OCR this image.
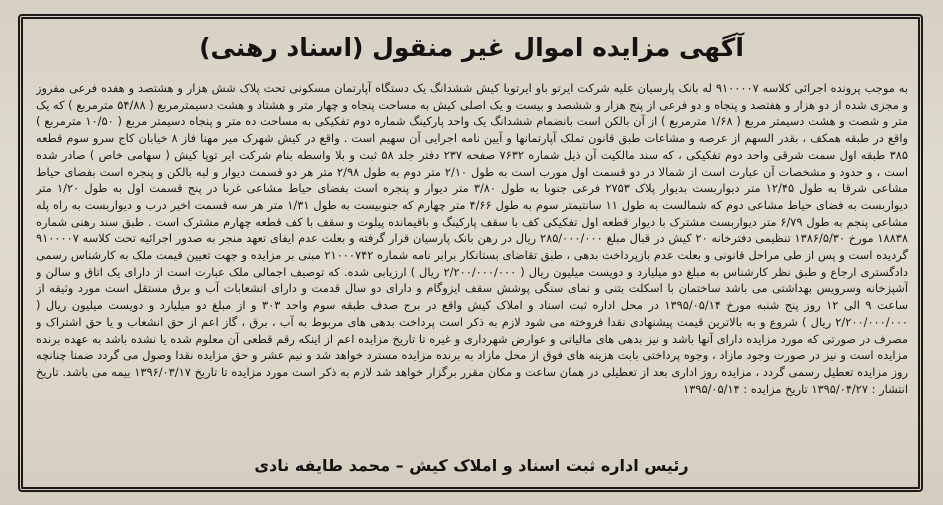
آگهی مزایده اموال غیر منقول (اسناد رهنی)

به موجب پرونده اجرائی کلاسه ۹۱۰۰۰۰۷ له بانک پارسیان علیه شرکت ایرتو باو ایرتویا کیش ششدانگ یک دستگاه آپارتمان مسکونی تحت پلاک شش هزار و هشتصد و هفده فرعی مفروز و مجزی شده از دو هزار و هفتصد و پنجاه و دو فرعی از پنج هزار و ششصد و بیست و یک اصلی کیش به مساحت پنجاه و چهار متر و هشتاد و هشت دسیمترمربع ( ۵۴/۸۸ مترمربع ) که یک متر و شصت و هشت دسیمتر مربع ( ۱/۶۸ مترمربع ) از آن بالکن است بانضمام ششدانگ یک واحد پارکینگ شماره دوم تفکیکی به مساحت ده متر و پنجاه دسیمتر مربع ( ۱۰/۵۰ مترمربع ) واقع در طبقه همکف ، بقدر السهم از عرصه و مشاعات طبق قانون تملک آپارتمانها و آیین نامه اجرایی آن سهیم است . واقع در کیش شهرک میر مهنا فاز ۸ خیابان کاج سرو سوم قطعه ۳۸۵ طبقه اول سمت شرقی واحد دوم تفکیکی ، که سند مالکیت آن ذیل شماره ۷۶۳۲ صفحه ۲۳۷ دفتر جلد ۵۸ ثبت و بلا واسطه بنام شرکت ایر توپا کیش ( سهامی خاص ) صادر شده است ، و حدود و مشخصات آن عبارت است از شمالا در دو قسمت اول مورب است به طول ۲/۱۰ متر دوم به طول ۲/۹۸ متر هر دو قسمت دیوار و لبه بالکن و پنجره است بفضای حیاط مشاعی شرقا به طول ۱۲/۴۵ متر دیواربست بدیوار پلاک ۲۷۵۳ فرعی جنوبا به طول ۳/۸۰ متر دیوار و پنجره است بفضای حیاط مشاعی غربا در پنج قسمت اول به طول ۱/۲۰ متر دیواربست به فضای حیاط مشاعی دوم که شمالست به طول ۱۱ سانتیمتر سوم به طول ۴/۶۶ متر چهارم که جنوبیست به طول ۱/۳۱ متر هر سه قسمت اخیر درب و دیواربست به راه پله مشاعی پنجم به طول ۶/۷۹ متر دیواربست مشترک با دیوار قطعه اول تفکیکی کف با سقف پارکینگ و باقیمانده پیلوت و سقف با کف قطعه چهارم مشترک است . طبق سند رهنی شماره ۱۸۸۳۸ مورخ ۱۳۸۶/۵/۳۰ تنظیمی دفترخانه ۲۰ کیش در قبال مبلغ ۲۸۵/۰۰۰/۰۰۰ ریال در رهن بانک پارسیان قرار گرفته و بعلت عدم ایفای تعهد منجر به صدور اجرائیه تحت کلاسه ۹۱۰۰۰۰۷ گردیده است و پس از طی مراحل قانونی و بعلت عدم بازپرداخت بدهی ، طبق تقاضای بستانکار برابر نامه شماره ۲۱۰۰۰۷۴۲ مبنی بر مزایده و جهت تعیین قیمت ملک به کارشناس رسمی دادگستری ارجاع و طبق نظر کارشناس به مبلغ دو میلیارد و دویست میلیون ریال ( ۲/۲۰۰/۰۰۰/۰۰۰ ریال ) ارزیابی شده. که توصیف اجمالی ملک عبارت است از دارای یک اتاق و سالن و آشپزخانه وسرویس بهداشتی می باشد ساختمان با اسکلت بتنی و نمای سنگی پوشش سقف ایزوگام و دارای دو سال قدمت و دارای انشعابات آب و برق مستقل است مورد وثیقه از ساعت ۹ الی ۱۲ روز پنج شنبه مورخ ۱۳۹۵/۰۵/۱۴ در محل اداره ثبت اسناد و املاک کیش واقع در برج صدف طبقه سوم واحد ۳۰۳ و از مبلغ دو میلیارد و دویست میلیون ریال ( ۲/۲۰۰/۰۰۰/۰۰۰ ریال ) شروع و به بالاترین قیمت پیشنهادی نقدا فروخته می شود لازم به ذکر است پرداخت بدهی های مربوط به آب ، برق ، گاز اعم از حق انشعاب و یا حق اشتراک و مصرف در صورتی که مورد مزایده دارای آنها باشد و نیز بدهی های مالیاتی و عوارض شهرداری و غیره تا تاریخ مزایده اعم از اینکه رقم قطعی آن معلوم شده یا نشده باشد به عهده برنده مزایده است و نیز در صورت وجود مازاد ، وجوه پرداختی بابت هزینه های فوق از محل مازاد به برنده مزایده مسترد خواهد شد و نیم عشر و حق مزایده نقدا وصول می گردد ضمنا چنانچه روز مزایده تعطیل رسمی گردد ، مزایده روز اداری بعد از تعطیلی در همان ساعت و مکان مقرر برگزار خواهد شد لازم به ذکر است مورد مزایده تا تاریخ ۱۳۹۶/۰۳/۱۷ بیمه می باشد. تاریخ انتشار : ۱۳۹۵/۰۴/۲۷ تاریخ مزایده : ۱۳۹۵/۰۵/۱۴

رئیس اداره ثبت اسناد و املاک کیش – محمد طایفه نادی
